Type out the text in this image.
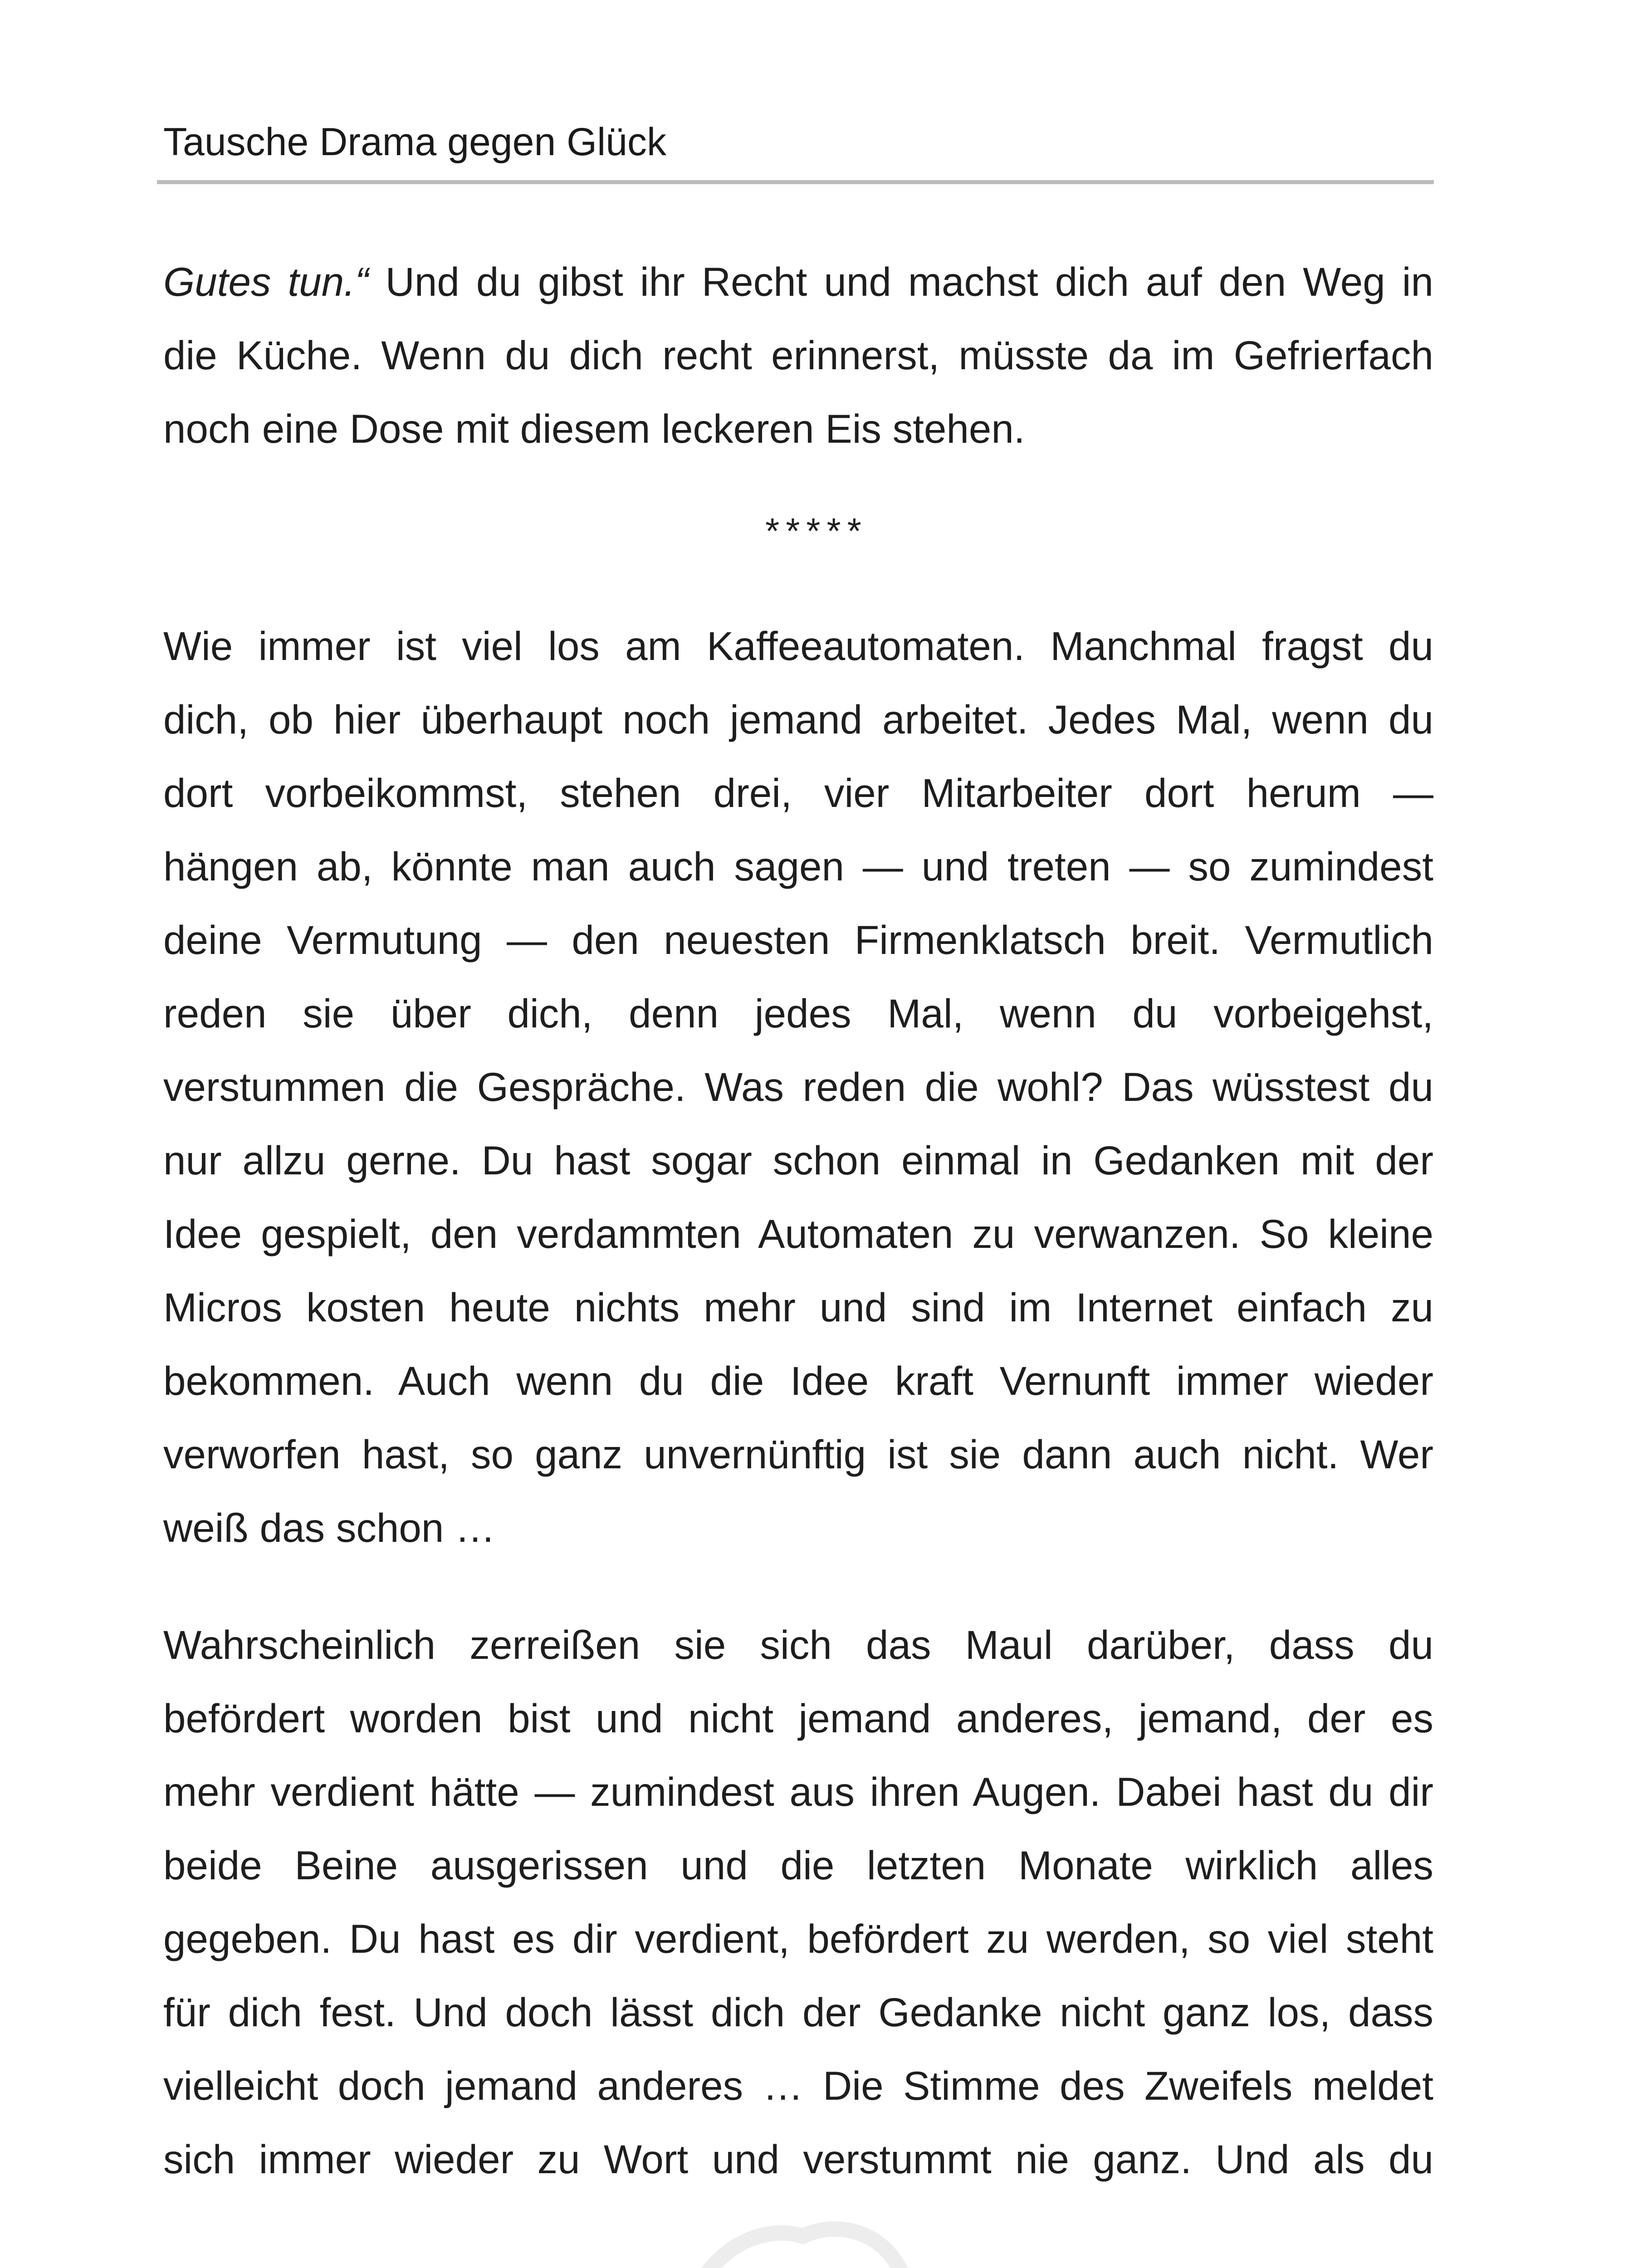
Tausche Drama gegen Glück
Gutes tun.“ Und du gibst ihr Recht und machst dich auf den Weg in
die Küche. Wenn du dich recht erinnerst, müsste da im Gefrierfach
noch eine Dose mit diesem leckeren Eis stehen.
*****
Wie immer ist viel los am Kaffeeautomaten. Manchmal fragst du
dich, ob hier überhaupt noch jemand arbeitet. Jedes Mal, wenn du
dort vorbeikommst, stehen drei, vier Mitarbeiter dort herum —
hängen ab, könnte man auch sagen — und treten — so zumindest
deine Vermutung — den neuesten Firmenklatsch breit. Vermutlich
reden sie über dich, denn jedes Mal, wenn du vorbeigehst,
verstummen die Gespräche. Was reden die wohl? Das wüsstest du
nur allzu gerne. Du hast sogar schon einmal in Gedanken mit der
Idee gespielt, den verdammten Automaten zu verwanzen. So kleine
Micros kosten heute nichts mehr und sind im Internet einfach zu
bekommen. Auch wenn du die Idee kraft Vernunft immer wieder
verworfen hast, so ganz unvernünftig ist sie dann auch nicht. Wer
weiß das schon …
Wahrscheinlich zerreißen sie sich das Maul darüber, dass du
befördert worden bist und nicht jemand anderes, jemand, der es
mehr verdient hätte — zumindest aus ihren Augen. Dabei hast du dir
beide Beine ausgerissen und die letzten Monate wirklich alles
gegeben. Du hast es dir verdient, befördert zu werden, so viel steht
für dich fest. Und doch lässt dich der Gedanke nicht ganz los, dass
vielleicht doch jemand anderes … Die Stimme des Zweifels meldet
sich immer wieder zu Wort und verstummt nie ganz. Und als du
